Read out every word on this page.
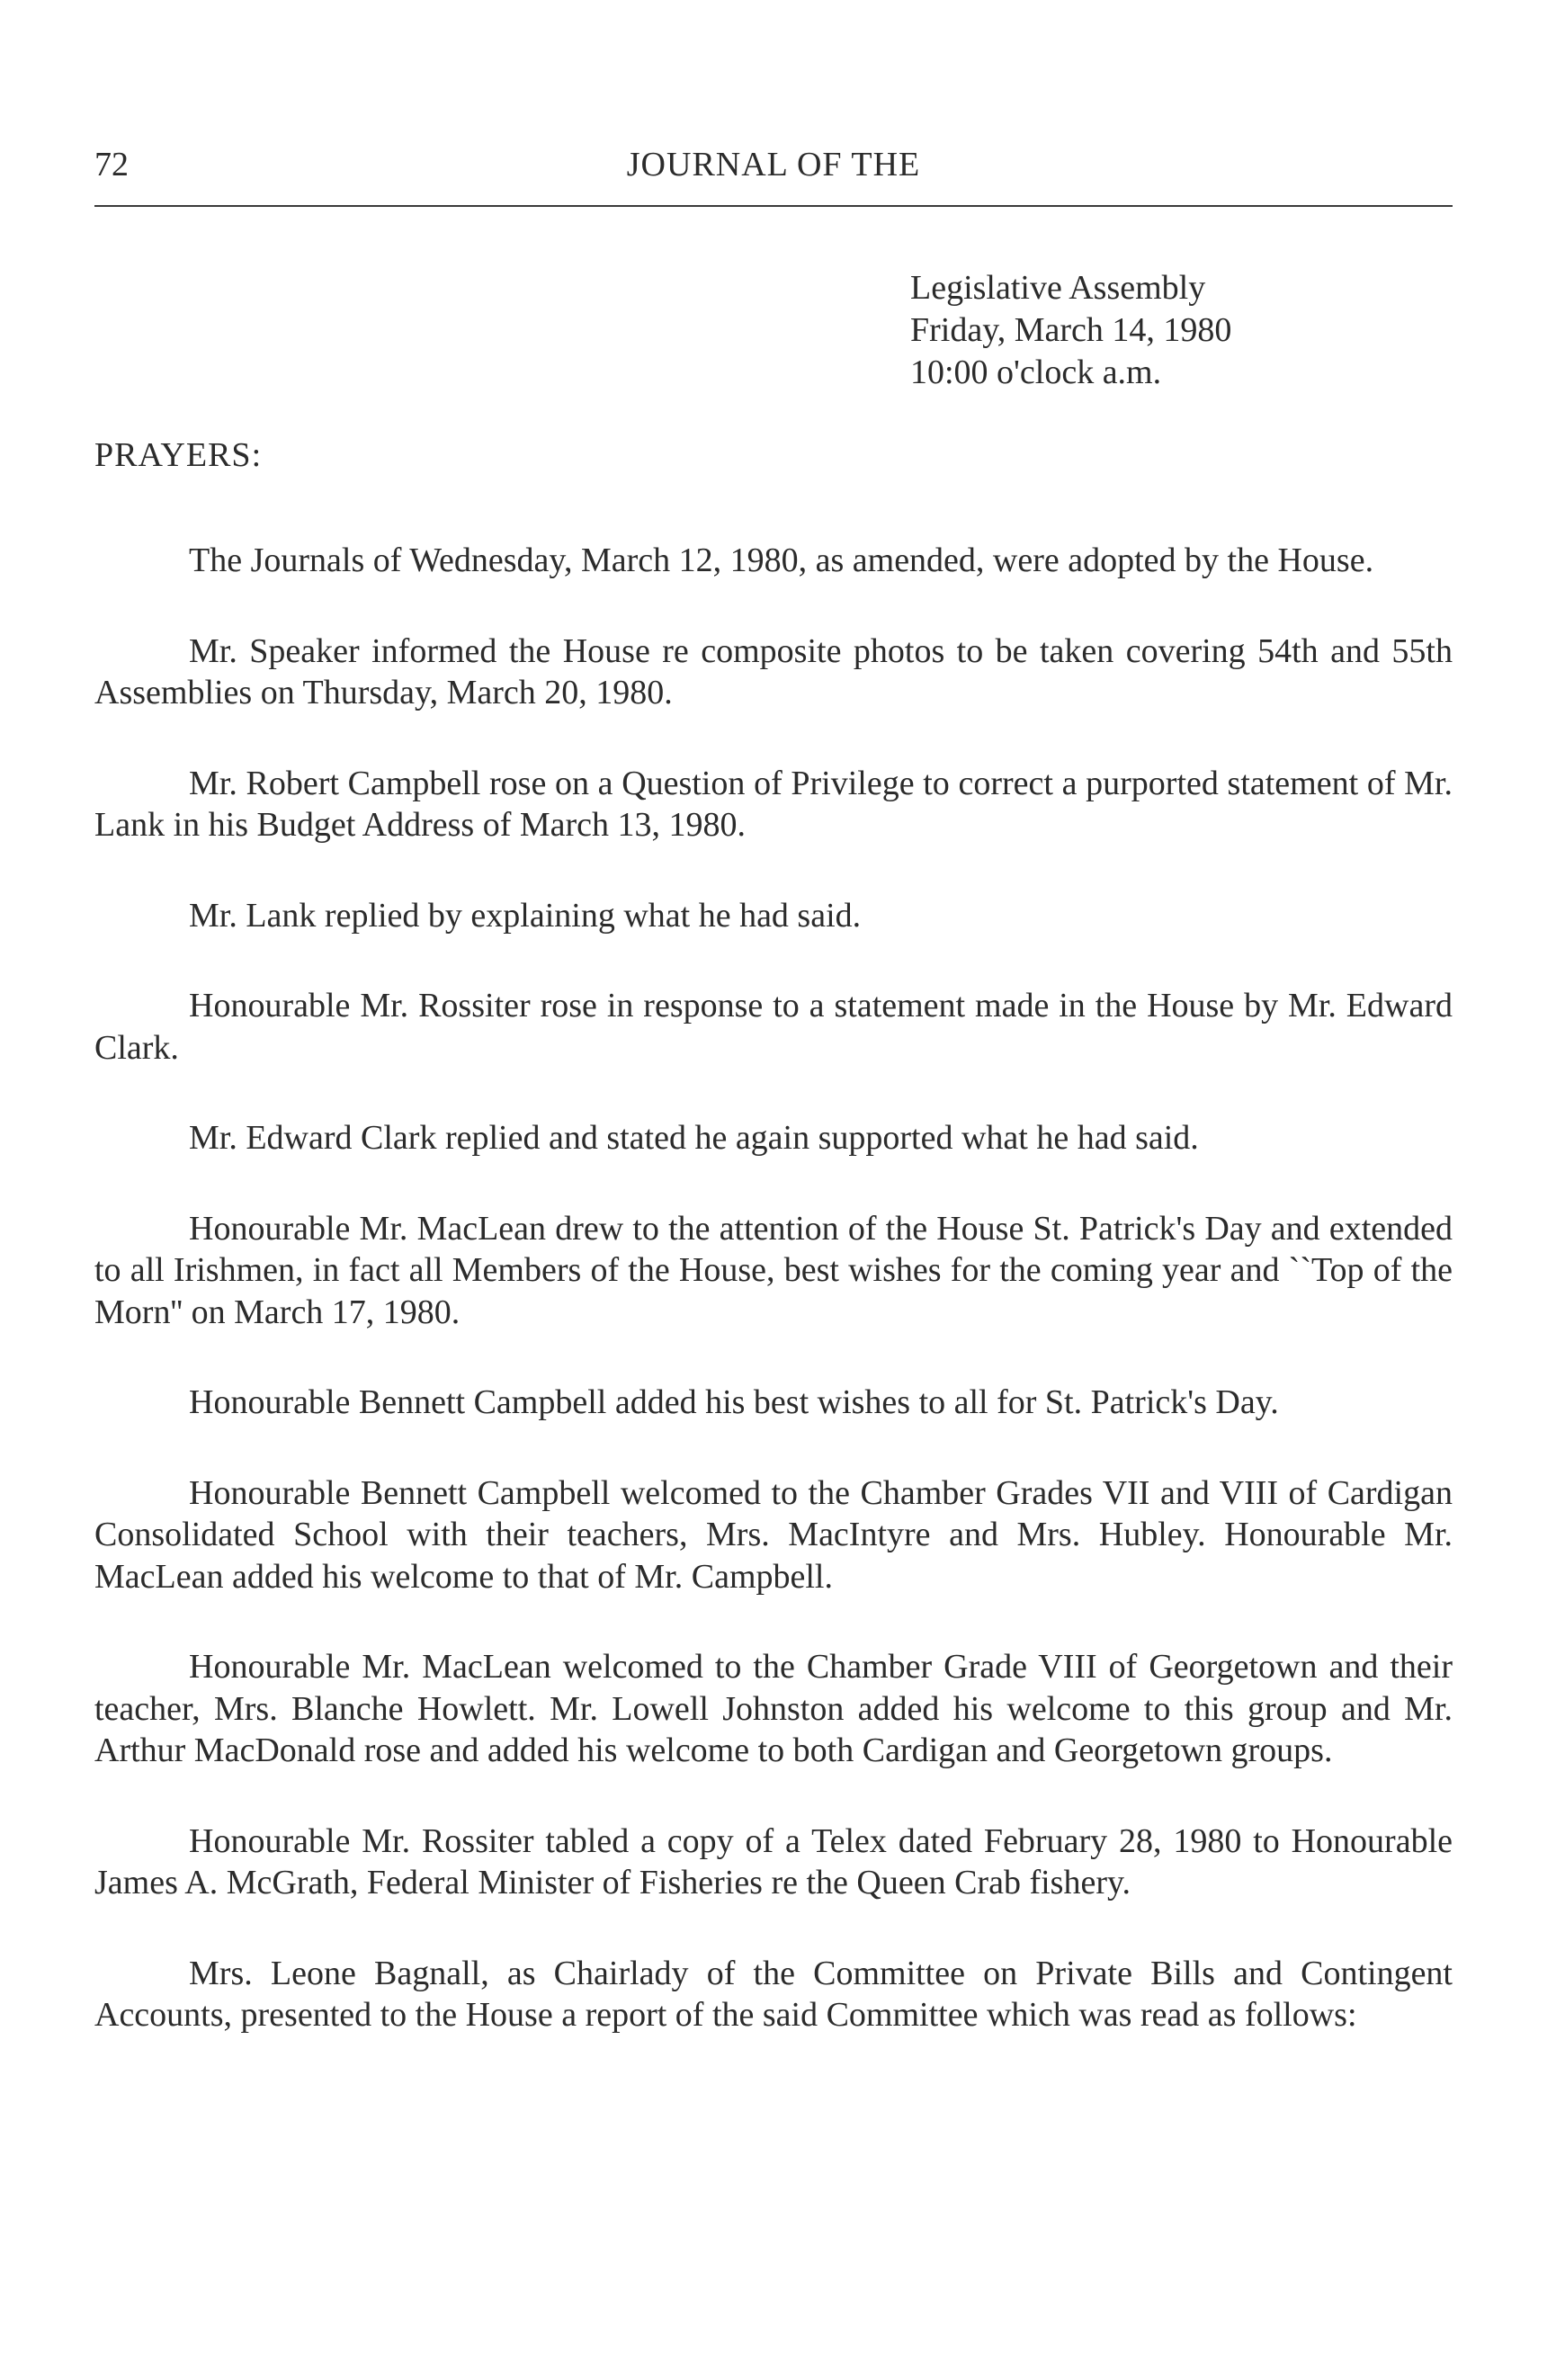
72	JOURNAL OF THE
Legislative Assembly
Friday, March 14, 1980
10:00 o'clock a.m.
PRAYERS:

The Journals of Wednesday, March 12, 1980, as amended, were adopted by the House.

Mr. Speaker informed the House re composite photos to be taken covering 54th and 55th Assemblies on Thursday, March 20, 1980.

Mr. Robert Campbell rose on a Question of Privilege to correct a purported statement of Mr. Lank in his Budget Address of March 13, 1980.

Mr. Lank replied by explaining what he had said.

Honourable Mr. Rossiter rose in response to a statement made in the House by Mr. Edward Clark.

Mr. Edward Clark replied and stated he again supported what he had said.

Honourable Mr. MacLean drew to the attention of the House St. Patrick's Day and extended to all Irishmen, in fact all Members of the House, best wishes for the coming year and ``Top of the Morn'' on March 17, 1980.

Honourable Bennett Campbell added his best wishes to all for St. Patrick's Day.

Honourable Bennett Campbell welcomed to the Chamber Grades VII and VIII of Cardigan Consolidated School with their teachers, Mrs. MacIntyre and Mrs. Hubley. Honourable Mr. MacLean added his welcome to that of Mr. Campbell.

Honourable Mr. MacLean welcomed to the Chamber Grade VIII of Georgetown and their teacher, Mrs. Blanche Howlett. Mr. Lowell Johnston added his welcome to this group and Mr. Arthur MacDonald rose and added his welcome to both Cardigan and Georgetown groups.

Honourable Mr. Rossiter tabled a copy of a Telex dated February 28, 1980 to Honourable James A. McGrath, Federal Minister of Fisheries re the Queen Crab fishery.

Mrs. Leone Bagnall, as Chairlady of the Committee on Private Bills and Contingent Accounts, presented to the House a report of the said Committee which was read as follows:
